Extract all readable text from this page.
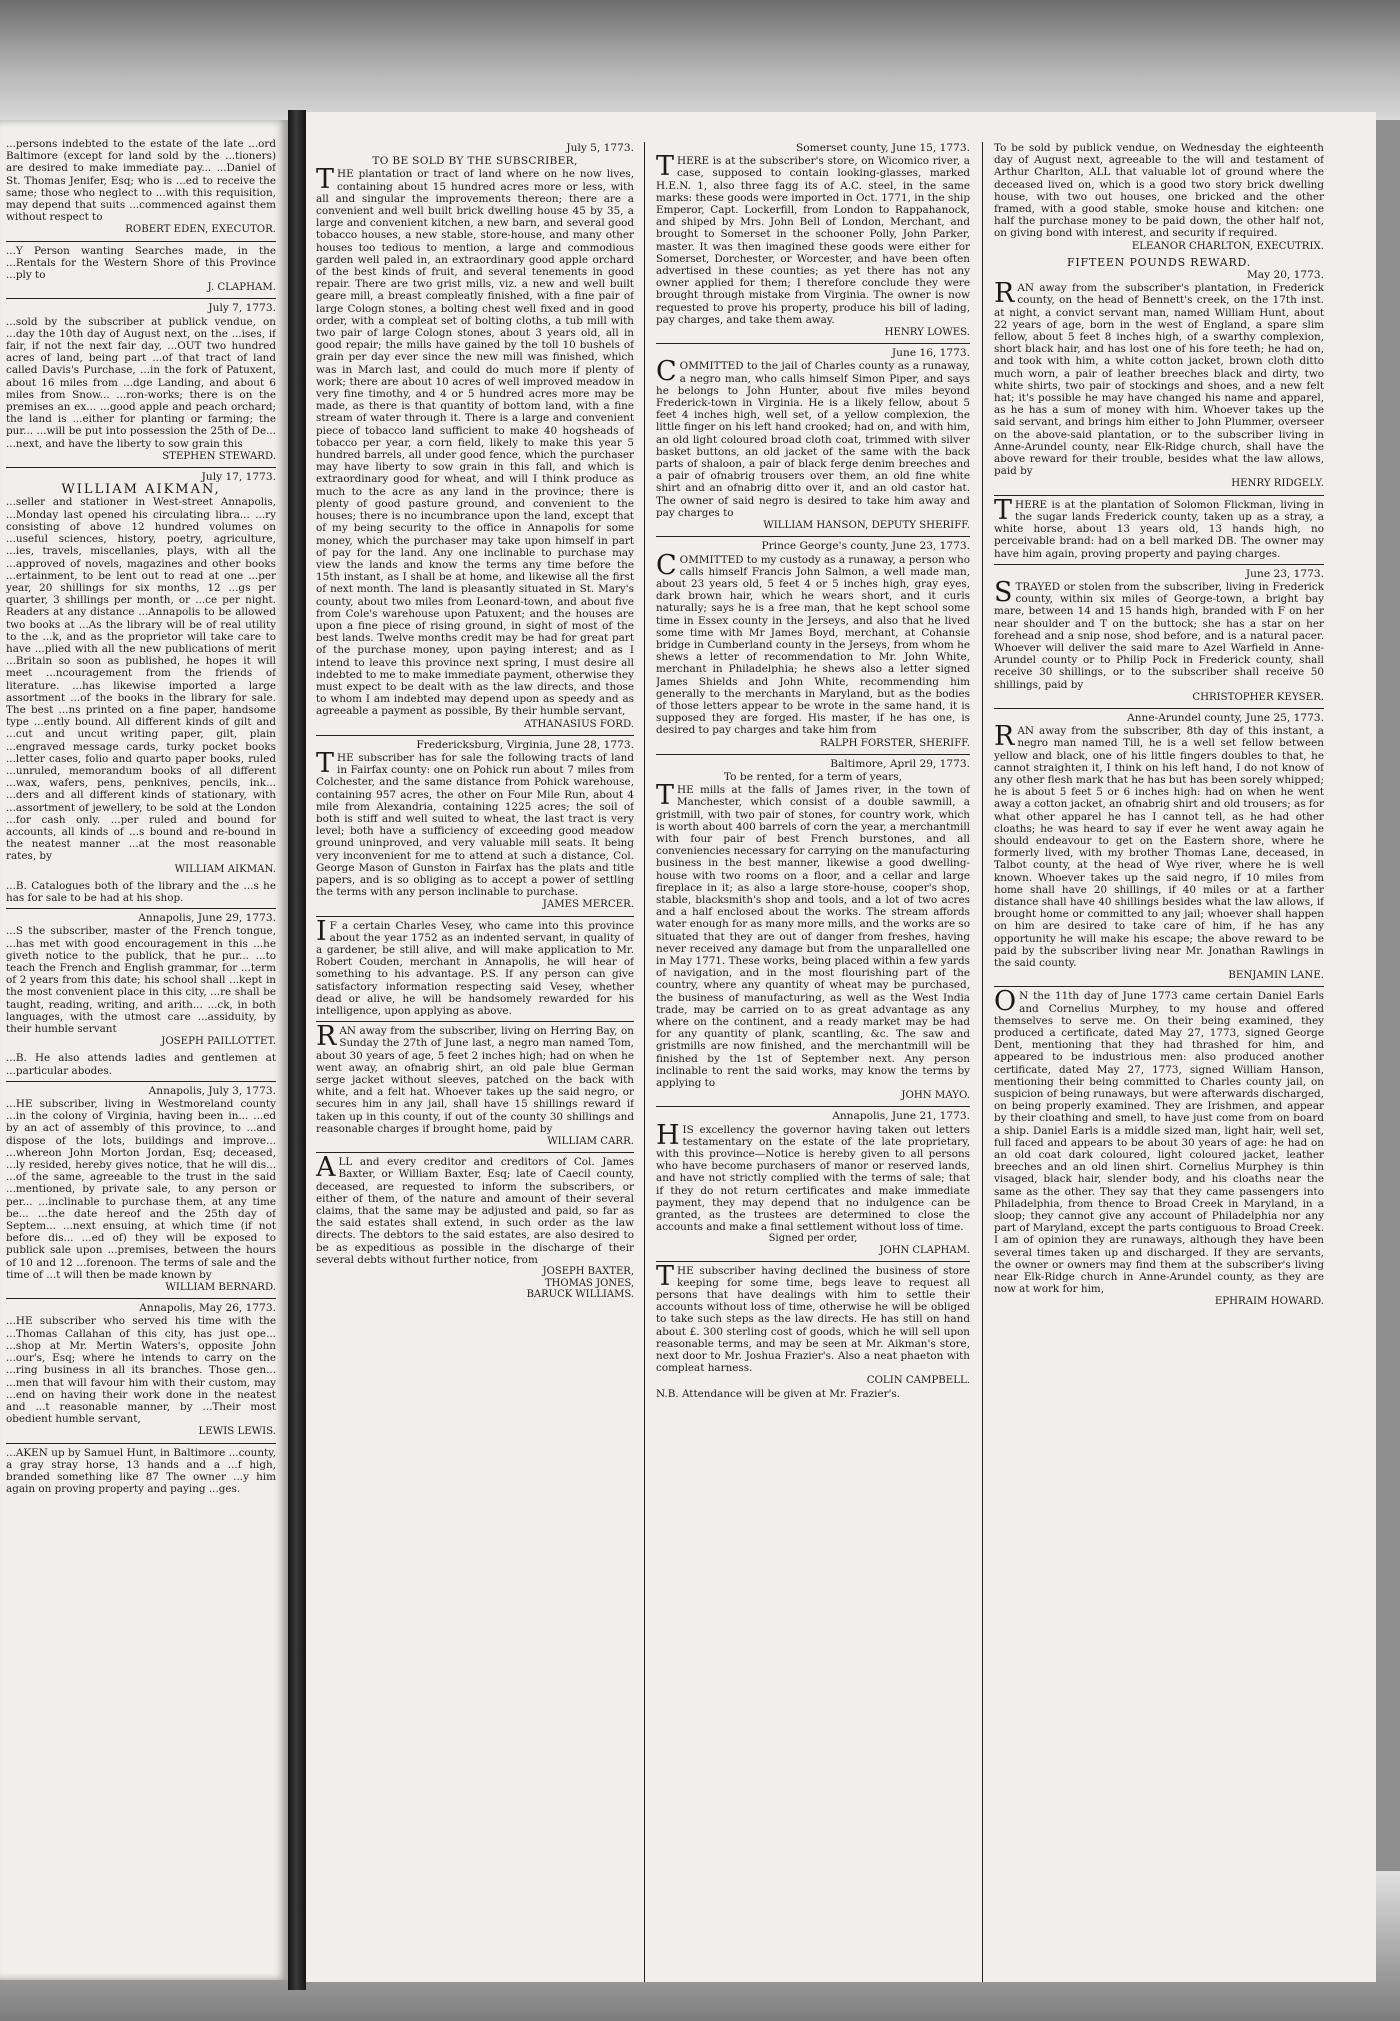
...persons indebted to the estate of the late ...ord Baltimore (except for land sold by the ...tioners) are desired to make immediate pay... ...Daniel of St. Thomas Jenifer, Esq; who is ...ed to receive the same; those who neglect to ...with this requisition, may depend that suits ...commenced against them without respect to

ROBERT EDEN, EXECUTOR.

...Y Person wanting Searches made, in the ...Rentals for the Western Shore of this Province ...ply to

J. CLAPHAM.
July 7, 1773.

...sold by the subscriber at publick vendue, on ...day the 10th day of August next, on the ...ises, if fair, if not the next fair day, ...OUT two hundred acres of land, being part ...of that tract of land called Davis's Purchase, ...in the fork of Patuxent, about 16 miles from ...dge Landing, and about 6 miles from Snow... ...ron-works; there is on the premises an ex... ...good apple and peach orchard; the land is ...either for planting or farming; the pur... ...will be put into possession the 25th of De... ...next, and have the liberty to sow grain this

STEPHEN STEWARD.
July 17, 1773.
WILLIAM AIKMAN,

...seller and stationer in West-street Annapolis, ...Monday last opened his circulating libra... ...ry consisting of above 12 hundred volumes on ...useful sciences, history, poetry, agriculture, ...ies, travels, miscellanies, plays, with all the ...approved of novels, magazines and other books ...ertainment, to be lent out to read at one ...per year, 20 shillings for six months, 12 ...gs per quarter, 3 shillings per month, or ...ce per night. Readers at any distance ...Annapolis to be allowed two books at ...As the library will be of real utility to the ...k, and as the proprietor will take care to have ...plied with all the new publications of merit ...Britain so soon as published, he hopes it will meet ...ncouragement from the friends of literature. ...has likewise imported a large assortment ...of the books in the library for sale. The best ...ns printed on a fine paper, handsome type ...ently bound. All different kinds of gilt and ...cut and uncut writing paper, gilt, plain ...engraved message cards, turky pocket books ...letter cases, folio and quarto paper books, ruled ...unruled, memorandum books of all different ...wax, wafers, pens, penknives, pencils, ink... ...ders and all different kinds of stationary, with ...assortment of jewellery, to be sold at the London ...for cash only. ...per ruled and bound for accounts, all kinds of ...s bound and re-bound in the neatest manner ...at the most reasonable rates, by

WILLIAM AIKMAN.

...B. Catalogues both of the library and the ...s he has for sale to be had at his shop.

Annapolis, June 29, 1773.

...S the subscriber, master of the French tongue, ...has met with good encouragement in this ...he giveth notice to the publick, that he pur... ...to teach the French and English grammar, for ...term of 2 years from this date; his school shall ...kept in the most convenient place in this city, ...re shall be taught, reading, writing, and arith... ...ck, in both languages, with the utmost care ...assiduity, by their humble servant

JOSEPH PAILLOTTET.

...B. He also attends ladies and gentlemen at ...particular abodes.

Annapolis, July 3, 1773.

...HE subscriber, living in Westmoreland county ...in the colony of Virginia, having been in... ...ed by an act of assembly of this province, to ...and dispose of the lots, buildings and improve... ...whereon John Morton Jordan, Esq; deceased, ...ly resided, hereby gives notice, that he will dis... ...of the same, agreeable to the trust in the said ...mentioned, by private sale, to any person or per... ...inclinable to purchase them, at any time be... ...the date hereof and the 25th day of Septem... ...next ensuing, at which time (if not before dis... ...ed of) they will be exposed to publick sale upon ...premises, between the hours of 10 and 12 ...forenoon. The terms of sale and the time of ...t will then be made known by

WILLIAM BERNARD.
Annapolis, May 26, 1773.

...HE subscriber who served his time with the ...Thomas Callahan of this city, has just ope... ...shop at Mr. Mertin Waters's, opposite John ...our's, Esq; where he intends to carry on the ...ring business in all its branches. Those gen... ...men that will favour him with their custom, may ...end on having their work done in the neatest and ...t reasonable manner, by ...Their most obedient humble servant,

LEWIS LEWIS.

...AKEN up by Samuel Hunt, in Baltimore ...county, a gray stray horse, 13 hands and a ...f high, branded something like 87 The owner ...y him again on proving property and paying ...ges.

July 5, 1773.
TO BE SOLD BY THE SUBSCRIBER,

THE plantation or tract of land where on he now lives, containing about 15 hundred acres more or less, with all and singular the improvements thereon; there are a convenient and well built brick dwelling house 45 by 35, a large and convenient kitchen, a new barn, and several good tobacco houses, a new stable, store-house, and many other houses too tedious to mention, a large and commodious garden well paled in, an extraordinary good apple orchard of the best kinds of fruit, and several tenements in good repair. There are two grist mills, viz. a new and well built geare mill, a breast compleatly finished, with a fine pair of large Cologn stones, a bolting chest well fixed and in good order, with a compleat set of bolting cloths, a tub mill with two pair of large Cologn stones, about 3 years old, all in good repair; the mills have gained by the toll 10 bushels of grain per day ever since the new mill was finished, which was in March last, and could do much more if plenty of work; there are about 10 acres of well improved meadow in very fine timothy, and 4 or 5 hundred acres more may be made, as there is that quantity of bottom land, with a fine stream of water through it. There is a large and convenient piece of tobacco land sufficient to make 40 hogsheads of tobacco per year, a corn field, likely to make this year 5 hundred barrels, all under good fence, which the purchaser may have liberty to sow grain in this fall, and which is extraordinary good for wheat, and will I think produce as much to the acre as any land in the province; there is plenty of good pasture ground, and convenient to the houses; there is no incumbrance upon the land, except that of my being security to the office in Annapolis for some money, which the purchaser may take upon himself in part of pay for the land. Any one inclinable to purchase may view the lands and know the terms any time before the 15th instant, as I shall be at home, and likewise all the first of next month. The land is pleasantly situated in St. Mary's county, about two miles from Leonard-town, and about five from Cole's warehouse upon Patuxent; and the houses are upon a fine piece of rising ground, in sight of most of the best lands. Twelve months credit may be had for great part of the purchase money, upon paying interest; and as I intend to leave this province next spring, I must desire all indebted to me to make immediate payment, otherwise they must expect to be dealt with as the law directs, and those to whom I am indebted may depend upon as speedy and as agreeable a payment as possible, By their humble servant,

ATHANASIUS FORD.
Fredericksburg, Virginia, June 28, 1773.

THE subscriber has for sale the following tracts of land in Fairfax county: one on Pohick run about 7 miles from Colchester, and the same distance from Pohick warehouse, containing 957 acres, the other on Four Mile Run, about 4 mile from Alexandria, containing 1225 acres; the soil of both is stiff and well suited to wheat, the last tract is very level; both have a sufficiency of exceeding good meadow ground uninproved, and very valuable mill seats. It being very inconvenient for me to attend at such a distance, Col. George Mason of Gunston in Fairfax has the plats and title papers, and is so obliging as to accept a power of settling the terms with any person inclinable to purchase.

JAMES MERCER.

I F a certain Charles Vesey, who came into this province about the year 1752 as an indented servant, in quality of a gardener, be still alive, and will make application to Mr. Robert Couden, merchant in Annapolis, he will hear of something to his advantage. P.S. If any person can give satisfactory information respecting said Vesey, whether dead or alive, he will be handsomely rewarded for his intelligence, upon applying as above.

RAN away from the subscriber, living on Herring Bay, on Sunday the 27th of June last, a negro man named Tom, about 30 years of age, 5 feet 2 inches high; had on when he went away, an ofnabrig shirt, an old pale blue German serge jacket without sleeves, patched on the back with white, and a felt hat. Whoever takes up the said negro, or secures him in any jail, shall have 15 shillings reward if taken up in this county, if out of the county 30 shillings and reasonable charges if brought home, paid by

WILLIAM CARR.

ALL and every creditor and creditors of Col. James Baxter, or William Baxter, Esq; late of Caecil county, deceased, are requested to inform the subscribers, or either of them, of the nature and amount of their several claims, that the same may be adjusted and paid, so far as the said estates shall extend, in such order as the law directs. The debtors to the said estates, are also desired to be as expeditious as possible in the discharge of their several debts without further notice, from

JOSEPH BAXTER,
THOMAS JONES,
BARUCK WILLIAMS.
Somerset county, June 15, 1773.

THERE is at the subscriber's store, on Wicomico river, a case, supposed to contain looking-glasses, marked H.E.N. 1, also three fagg its of A.C. steel, in the same marks: these goods were imported in Oct. 1771, in the ship Emperor, Capt. Lockerfill, from London to Rappahanock, and shiped by Mrs. John Bell of London, Merchant, and brought to Somerset in the schooner Polly, John Parker, master. It was then imagined these goods were either for Somerset, Dorchester, or Worcester, and have been often advertised in these counties; as yet there has not any owner applied for them; I therefore conclude they were brought through mistake from Virginia. The owner is now requested to prove his property, produce his bill of lading, pay charges, and take them away.

HENRY LOWES.
June 16, 1773.

COMMITTED to the jail of Charles county as a runaway, a negro man, who calls himself Simon Piper, and says he belongs to John Hunter, about five miles beyond Frederick-town in Virginia. He is a likely fellow, about 5 feet 4 inches high, well set, of a yellow complexion, the little finger on his left hand crooked; had on, and with him, an old light coloured broad cloth coat, trimmed with silver basket buttons, an old jacket of the same with the back parts of shaloon, a pair of black ferge denim breeches and a pair of ofnabrig trousers over them, an old fine white shirt and an ofnabrig ditto over it, and an old castor hat. The owner of said negro is desired to take him away and pay charges to

WILLIAM HANSON, DEPUTY SHERIFF.
Prince George's county, June 23, 1773.

COMMITTED to my custody as a runaway, a person who calls himself Francis John Salmon, a well made man, about 23 years old, 5 feet 4 or 5 inches high, gray eyes, dark brown hair, which he wears short, and it curls naturally; says he is a free man, that he kept school some time in Essex county in the Jerseys, and also that he lived some time with Mr James Boyd, merchant, at Cohansie bridge in Cumberland county in the Jerseys, from whom he shews a letter of recommendation to Mr. John White, merchant in Philadelphia; he shews also a letter signed James Shields and John White, recommending him generally to the merchants in Maryland, but as the bodies of those letters appear to be wrote in the same hand, it is supposed they are forged. His master, if he has one, is desired to pay charges and take him from

RALPH FORSTER, SHERIFF.
Baltimore, April 29, 1773.
To be rented, for a term of years,

THE mills at the falls of James river, in the town of Manchester, which consist of a double sawmill, a gristmill, with two pair of stones, for country work, which is worth about 400 barrels of corn the year, a merchantmill with four pair of best French burstones, and all conveniencies necessary for carrying on the manufacturing business in the best manner, likewise a good dwelling-house with two rooms on a floor, and a cellar and large fireplace in it; as also a large store-house, cooper's shop, stable, blacksmith's shop and tools, and a lot of two acres and a half enclosed about the works. The stream affords water enough for as many more mills, and the works are so situated that they are out of danger from freshes, having never received any damage but from the unparallelled one in May 1771. These works, being placed within a few yards of navigation, and in the most flourishing part of the country, where any quantity of wheat may be purchased, the business of manufacturing, as well as the West India trade, may be carried on to as great advantage as any where on the continent, and a ready market may be had for any quantity of plank, scantling, &c. The saw and gristmills are now finished, and the merchantmill will be finished by the 1st of September next. Any person inclinable to rent the said works, may know the terms by applying to

JOHN MAYO.
Annapolis, June 21, 1773.

HIS excellency the governor having taken out letters testamentary on the estate of the late proprietary, with this province—Notice is hereby given to all persons who have become purchasers of manor or reserved lands, and have not strictly complied with the terms of sale; that if they do not return certificates and make immediate payment, they may depend that no indulgence can be granted, as the trustees are determined to close the accounts and make a final settlement without loss of time.

Signed per order,
JOHN CLAPHAM.

THE subscriber having declined the business of store keeping for some time, begs leave to request all persons that have dealings with him to settle their accounts without loss of time, otherwise he will be obliged to take such steps as the law directs. He has still on hand about £. 300 sterling cost of goods, which he will sell upon reasonable terms, and may be seen at Mr. Aikman's store, next door to Mr. Joshua Frazier's. Also a neat phaeton with compleat harness.

COLIN CAMPBELL.

N.B. Attendance will be given at Mr. Frazier's.

To be sold by publick vendue, on Wednesday the eighteenth day of August next, agreeable to the will and testament of Arthur Charlton, ALL that valuable lot of ground where the deceased lived on, which is a good two story brick dwelling house, with two out houses, one bricked and the other framed, with a good stable, smoke house and kitchen: one half the purchase money to be paid down, the other half not, on giving bond with interest, and security if required.

ELEANOR CHARLTON, EXECUTRIX.
FIFTEEN POUNDS REWARD.
May 20, 1773.

RAN away from the subscriber's plantation, in Frederick county, on the head of Bennett's creek, on the 17th inst. at night, a convict servant man, named William Hunt, about 22 years of age, born in the west of England, a spare slim fellow, about 5 feet 8 inches high, of a swarthy complexion, short black hair, and has lost one of his fore teeth; he had on, and took with him, a white cotton jacket, brown cloth ditto much worn, a pair of leather breeches black and dirty, two white shirts, two pair of stockings and shoes, and a new felt hat; it's possible he may have changed his name and apparel, as he has a sum of money with him. Whoever takes up the said servant, and brings him either to John Plummer, overseer on the above-said plantation, or to the subscriber living in Anne-Arundel county, near Elk-Ridge church, shall have the above reward for their trouble, besides what the law allows, paid by

HENRY RIDGELY.

THERE is at the plantation of Solomon Flickman, living in the sugar lands Frederick county, taken up as a stray, a white horse, about 13 years old, 13 hands high, no perceivable brand: had on a bell marked DB. The owner may have him again, proving property and paying charges.

June 23, 1773.

STRAYED or stolen from the subscriber, living in Frederick county, within six miles of George-town, a bright bay mare, between 14 and 15 hands high, branded with F on her near shoulder and T on the buttock; she has a star on her forehead and a snip nose, shod before, and is a natural pacer. Whoever will deliver the said mare to Azel Warfield in Anne-Arundel county or to Philip Pock in Frederick county, shall receive 30 shillings, or to the subscriber shall receive 50 shillings, paid by

CHRISTOPHER KEYSER.
Anne-Arundel county, June 25, 1773.

RAN away from the subscriber, 8th day of this instant, a negro man named Till, he is a well set fellow between yellow and black, one of his little fingers doubles to that, he cannot straighten it, I think on his left hand, I do not know of any other flesh mark that he has but has been sorely whipped; he is about 5 feet 5 or 6 inches high: had on when he went away a cotton jacket, an ofnabrig shirt and old trousers; as for what other apparel he has I cannot tell, as he had other cloaths; he was heard to say if ever he went away again he should endeavour to get on the Eastern shore, where he formerly lived, with my brother Thomas Lane, deceased, in Talbot county, at the head of Wye river, where he is well known. Whoever takes up the said negro, if 10 miles from home shall have 20 shillings, if 40 miles or at a farther distance shall have 40 shillings besides what the law allows, if brought home or committed to any jail; whoever shall happen on him are desired to take care of him, if he has any opportunity he will make his escape; the above reward to be paid by the subscriber living near Mr. Jonathan Rawlings in the said county.

BENJAMIN LANE.

O N the 11th day of June 1773 came certain Daniel Earls and Cornelius Murphey, to my house and offered themselves to serve me. On their being examined, they produced a certificate, dated May 27, 1773, signed George Dent, mentioning that they had thrashed for him, and appeared to be industrious men: also produced another certificate, dated May 27, 1773, signed William Hanson, mentioning their being committed to Charles county jail, on suspicion of being runaways, but were afterwards discharged, on being properly examined. They are Irishmen, and appear by their cloathing and smell, to have just come from on board a ship. Daniel Earls is a middle sized man, light hair, well set, full faced and appears to be about 30 years of age: he had on an old coat dark coloured, light coloured jacket, leather breeches and an old linen shirt. Cornelius Murphey is thin visaged, black hair, slender body, and his cloaths near the same as the other. They say that they came passengers into Philadelphia, from thence to Broad Creek in Maryland, in a sloop; they cannot give any account of Philadelphia nor any part of Maryland, except the parts contiguous to Broad Creek. I am of opinion they are runaways, although they have been several times taken up and discharged. If they are servants, the owner or owners may find them at the subscriber's living near Elk-Ridge church in Anne-Arundel county, as they are now at work for him,

EPHRAIM HOWARD.
